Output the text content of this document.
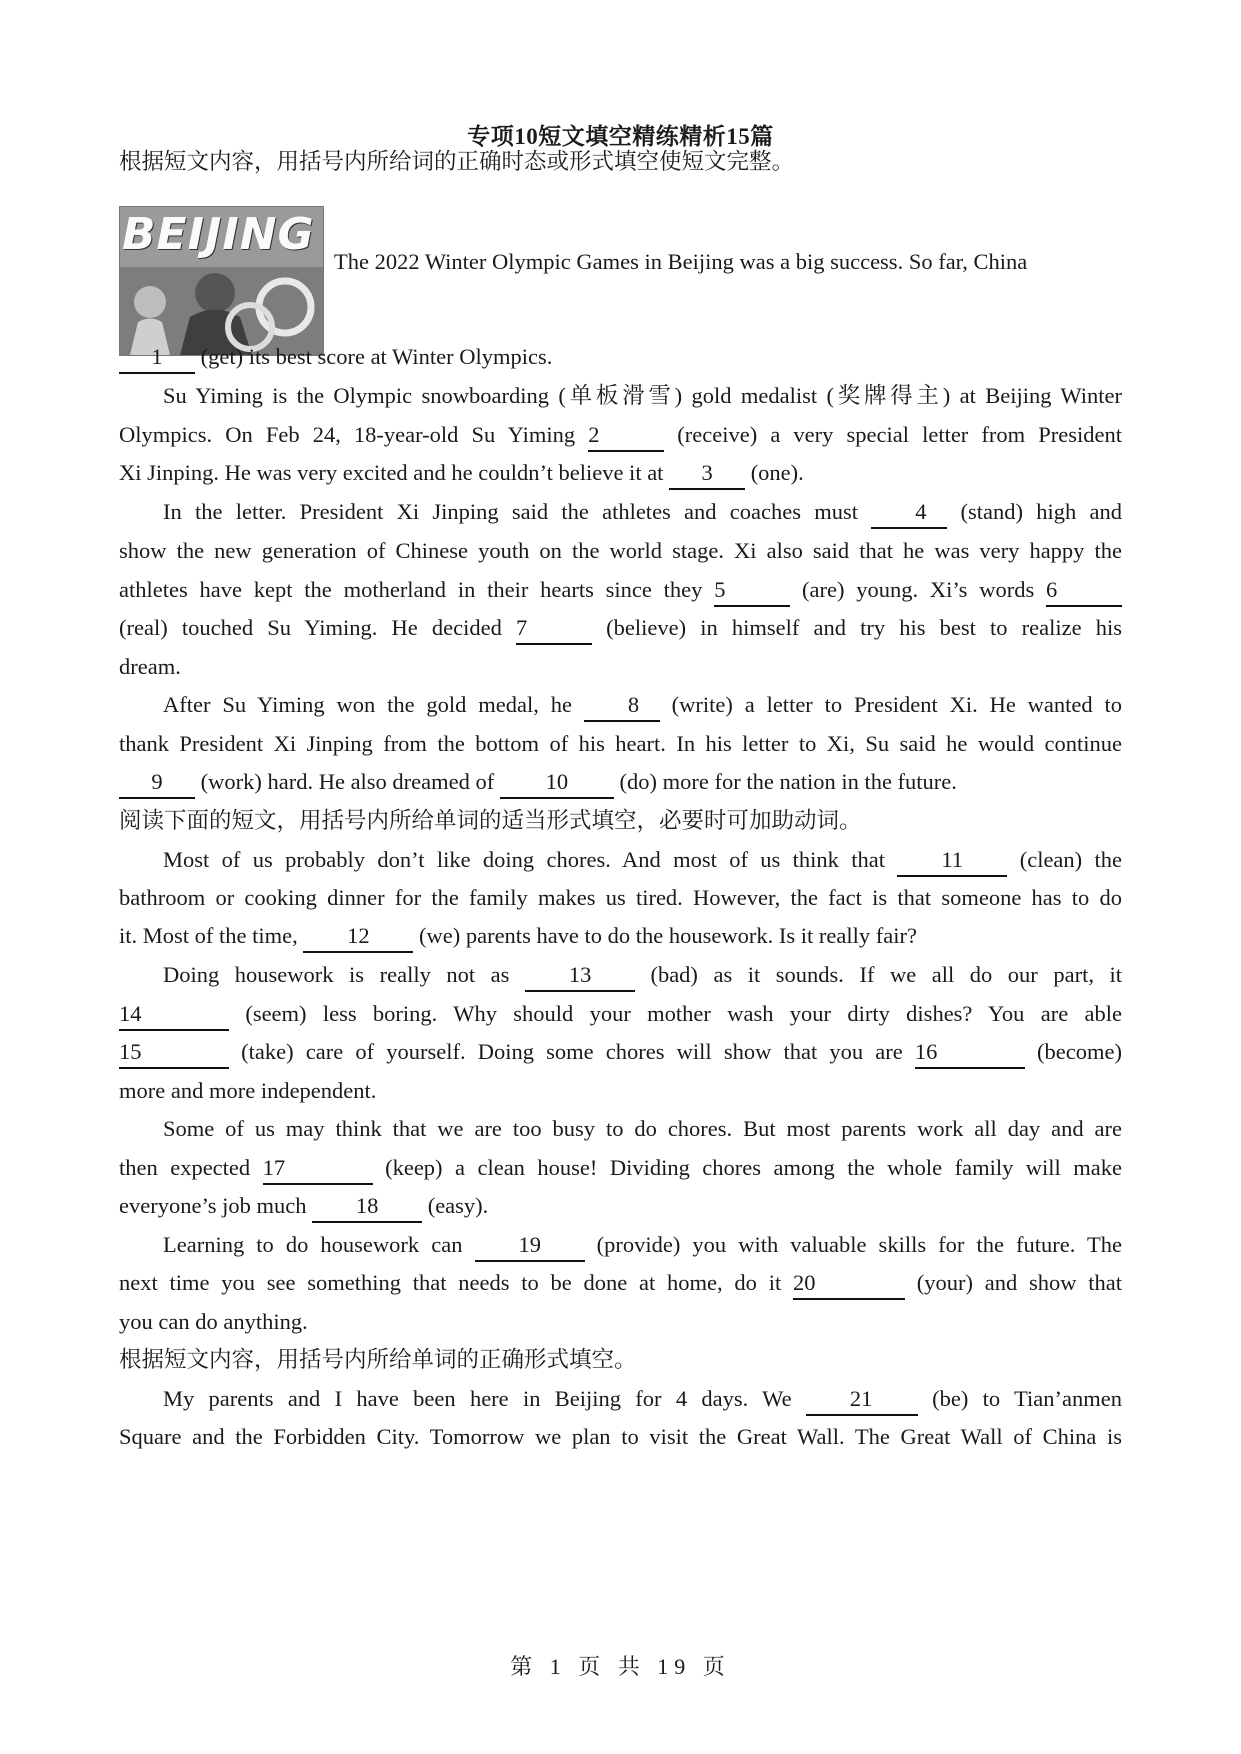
专项10短文填空精练精析15篇
根据短文内容，用括号内所给词的正确时态或形式填空使短文完整。
BEIJING
The 2022 Winter Olympic Games in Beijing was a big success. So far, China
1 (get) its best score at Winter Olympics.
Su Yiming is the Olympic snowboarding (单板滑雪) gold medalist (奖牌得主) at Beijing Winter
Olympics. On Feb 24, 18-year-old Su Yiming 2	(receive) a very special letter from President
Xi Jinping. He was very excited and he couldn’t believe it at 3 (one).
In the letter. President Xi Jinping said the athletes and coaches must 4 (stand) high and
show the new generation of Chinese youth on the world stage. Xi also said that he was very happy the
athletes have kept the motherland in their hearts since they 5	(are) young. Xi’s words 6
(real) touched Su Yiming. He decided 7	(believe) in himself and try his best to realize his
dream.
After Su Yiming won the gold medal, he 8 (write) a letter to President Xi. He wanted to
thank President Xi Jinping from the bottom of his heart. In his letter to Xi, Su said he would continue
9 (work) hard. He also dreamed of 10 (do) more for the nation in the future.
阅读下面的短文，用括号内所给单词的适当形式填空，必要时可加助动词。
Most of us probably don’t like doing chores. And most of us think that 11 (clean) the
bathroom or cooking dinner for the family makes us tired. However, the fact is that someone has to do
it. Most of the time, 12 (we) parents have to do the housework. Is it really fair?
Doing housework is really not as 13 (bad) as it sounds. If we all do our part, it
14	(seem) less boring. Why should your mother wash your dirty dishes? You are able
15	(take) care of yourself. Doing some chores will show that you are 16	(become)
more and more independent.
Some of us may think that we are too busy to do chores. But most parents work all day and are
then expected 17	(keep) a clean house! Dividing chores among the whole family will make
everyone’s job much 18 (easy).
Learning to do housework can 19 (provide) you with valuable skills for the future. The
next time you see something that needs to be done at home, do it 20	(your) and show that
you can do anything.
根据短文内容，用括号内所给单词的正确形式填空。
My parents and I have been here in Beijing for 4 days. We 21 (be) to Tian’anmen
Square and the Forbidden City. Tomorrow we plan to visit the Great Wall. The Great Wall of China is
第 1 页 共 19 页
